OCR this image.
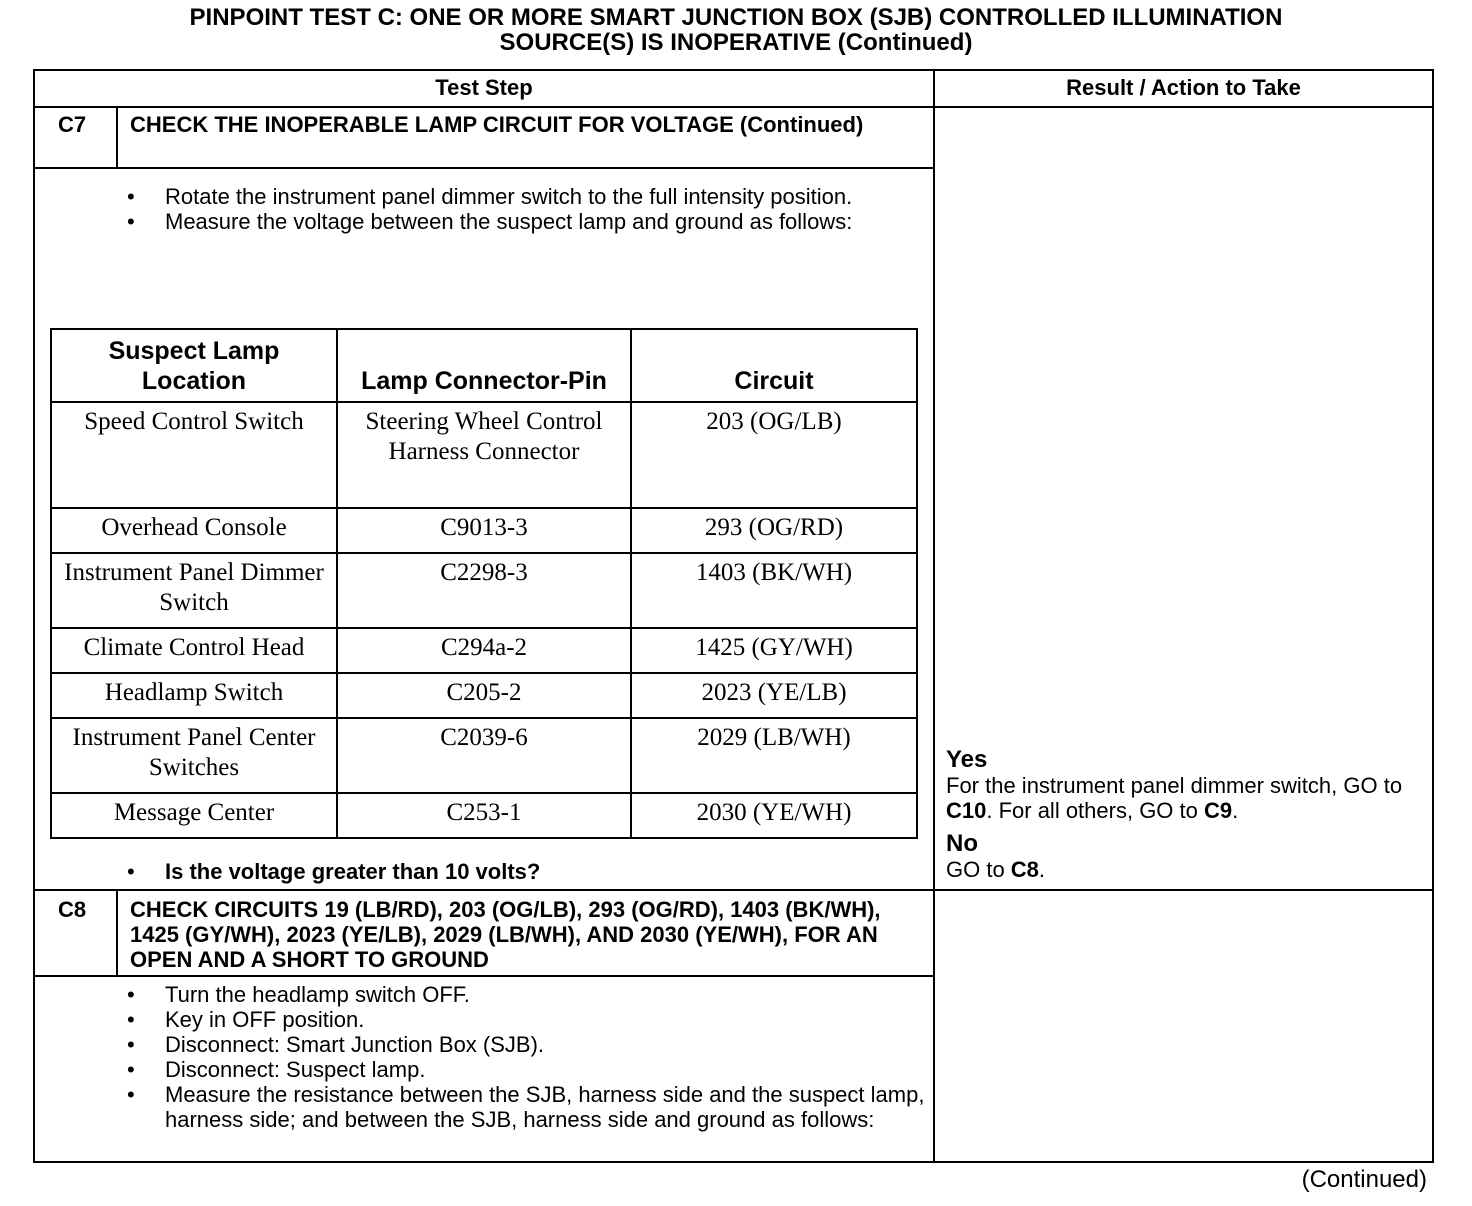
PINPOINT TEST C: ONE OR MORE SMART JUNCTION BOX (SJB) CONTROLLED ILLUMINATION
SOURCE(S) IS INOPERATIVE (Continued)
Test Step	Result / Action to Take
C7 CHECK THE INOPERABLE LAMP CIRCUIT FOR VOLTAGE (Continued)
• Rotate the instrument panel dimmer switch to the full intensity position.
• Measure the voltage between the suspect lamp and ground as follows:
Suspect Lamp Location	Lamp Connector-Pin	Circuit
Speed Control Switch	Steering Wheel Control Harness Connector	203 (OG/LB)
Overhead Console	C9013-3	293 (OG/RD)
Instrument Panel Dimmer Switch	C2298-3	1403 (BK/WH)
Climate Control Head	C294a-2	1425 (GY/WH)
Headlamp Switch	C205-2	2023 (YE/LB)
Instrument Panel Center Switches	C2039-6	2029 (LB/WH)
Message Center	C253-1	2030 (YE/WH)
• Is the voltage greater than 10 volts?
Yes
For the instrument panel dimmer switch, GO to C10. For all others, GO to C9.
No
GO to C8.
C8 CHECK CIRCUITS 19 (LB/RD), 203 (OG/LB), 293 (OG/RD), 1403 (BK/WH), 1425 (GY/WH), 2023 (YE/LB), 2029 (LB/WH), AND 2030 (YE/WH), FOR AN OPEN AND A SHORT TO GROUND
• Turn the headlamp switch OFF.
• Key in OFF position.
• Disconnect: Smart Junction Box (SJB).
• Disconnect: Suspect lamp.
• Measure the resistance between the SJB, harness side and the suspect lamp, harness side; and between the SJB, harness side and ground as follows:
(Continued)
